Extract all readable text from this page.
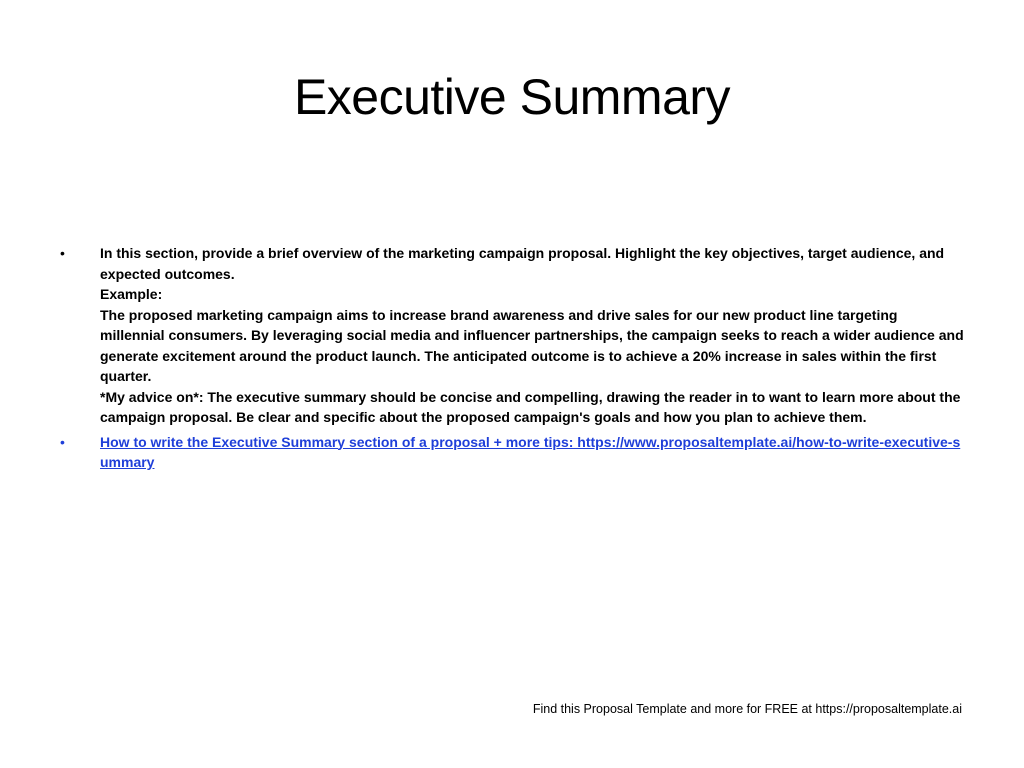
Executive Summary
•	In this section, provide a brief overview of the marketing campaign proposal. Highlight the key objectives, target audience, and expected outcomes.
Example:
The proposed marketing campaign aims to increase brand awareness and drive sales for our new product line targeting millennial consumers. By leveraging social media and influencer partnerships, the campaign seeks to reach a wider audience and generate excitement around the product launch. The anticipated outcome is to achieve a 20% increase in sales within the first quarter.
*My advice on*: The executive summary should be concise and compelling, drawing the reader in to want to learn more about the campaign proposal. Be clear and specific about the proposed campaign's goals and how you plan to achieve them.
•	How to write the Executive Summary section of a proposal + more tips: https://www.proposaltemplate.ai/how-to-write-executive-summary
Find this Proposal Template and more for FREE at https://proposaltemplate.ai
